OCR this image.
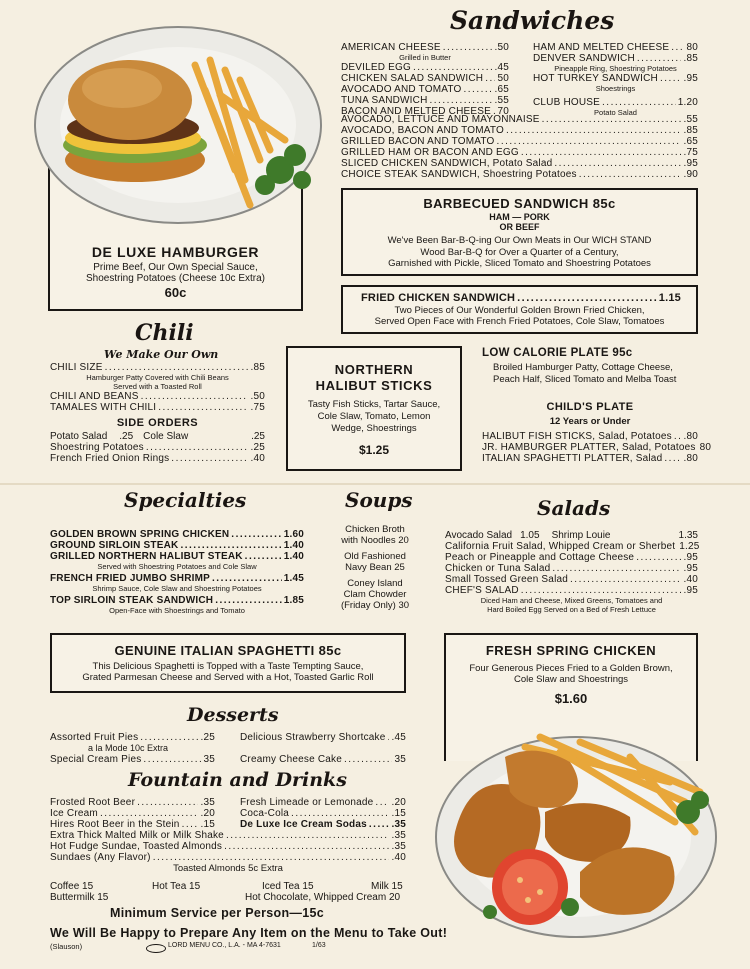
DE LUXE HAMBURGER
Prime Beef, Our Own Special Sauce,
Shoestring Potatoes (Cheese 10c Extra)
60c
Sandwiches
AMERICAN CHEESE .....	.50
Grilled in Butter
DEVILED EGG .....	.45
CHICKEN SALAD SANDWICH ..... 50
AVOCADO AND TOMATO .....	.65
TUNA SANDWICH .....	.55
BACON AND MELTED CHEESE ..... 70
HAM AND MELTED CHEESE ..... 80
DENVER SANDWICH .....	.85
Pineapple Ring, Shoestring Potatoes
HOT TURKEY SANDWICH .....	.95
Shoestrings
CLUB HOUSE .....	1.20
Potato Salad
AVOCADO, LETTUCE AND MAYONNAISE .....	.55
AVOCADO, BACON AND TOMATO .....	.85
GRILLED BACON AND TOMATO .....	.65
GRILLED HAM OR BACON AND EGG .....	.75
SLICED CHICKEN SANDWICH, Potato Salad .....	.95
CHOICE STEAK SANDWICH, Shoestring Potatoes .....	.90
BARBECUED SANDWICH 85c
HAM — PORK
OR BEEF
We've Been Bar-B-Q-ing Our Own Meats in Our WICH STAND
Wood Bar-B-Q for Over a Quarter of a Century,
Garnished with Pickle, Sliced Tomato and Shoestring Potatoes
FRIED CHICKEN SANDWICH .....	1.15
Two Pieces of Our Wonderful Golden Brown Fried Chicken,
Served Open Face with French Fried Potatoes, Cole Slaw, Tomatoes
Chili
We Make Our Own
CHILI SIZE .....	.85
Hamburger Patty Covered with Chili Beans
Served with a Toasted Roll
CHILI AND BEANS .....	.50
TAMALES WITH CHILI .....	.75
SIDE ORDERS
Potato Salad .25 Cole Slaw	.25
Shoestring Potatoes .....	.25
French Fried Onion Rings .....	.40
NORTHERN
HALIBUT STICKS
Tasty Fish Sticks, Tartar Sauce,
Cole Slaw, Tomato, Lemon
Wedge, Shoestrings
$1.25
LOW CALORIE PLATE 95c
Broiled Hamburger Patty, Cottage Cheese,
Peach Half, Sliced Tomato and Melba Toast
CHILD'S PLATE
12 Years or Under
HALIBUT FISH STICKS, Salad, Potatoes ..... .80
JR. HAMBURGER PLATTER, Salad, Potatoes 80
ITALIAN SPAGHETTI PLATTER, Salad ..... .80
Specialties
GOLDEN BROWN SPRING CHICKEN .....	1.60
GROUND SIRLOIN STEAK .....	1.40
GRILLED NORTHERN HALIBUT STEAK .....	1.40
Served with Shoestring Potatoes and Cole Slaw
FRENCH FRIED JUMBO SHRIMP .....	1.45
Shrimp Sauce, Cole Slaw and Shoestring Potatoes
TOP SIRLOIN STEAK SANDWICH .....	1.85
Open-Face with Shoestrings and Tomato
Soups
Chicken Broth
with Noodles 20
Old Fashioned
Navy Bean 25
Coney Island
Clam Chowder
(Friday Only) 30
Salads
Avocado Salad 1.05 Shrimp Louie	1.35
California Fruit Salad, Whipped Cream or Sherbet 1.25
Peach or Pineapple and Cottage Cheese .....	.95
Chicken or Tuna Salad .....	.95
Small Tossed Green Salad .....	.40
CHEF'S SALAD .....	.95
Diced Ham and Cheese, Mixed Greens, Tomatoes and
Hard Boiled Egg Served on a Bed of Fresh Lettuce
GENUINE ITALIAN SPAGHETTI 85c
This Delicious Spaghetti is Topped with a Taste Tempting Sauce,
Grated Parmesan Cheese and Served with a Hot, Toasted Garlic Roll
FRESH SPRING CHICKEN
Four Generous Pieces Fried to a Golden Brown,
Cole Slaw and Shoestrings
$1.60
Desserts
Assorted Fruit Pies .....	.25
a la Mode 10c Extra
Special Cream Pies .....	35
Delicious Strawberry Shortcake ..... .45
Creamy Cheese Cake .....	35
Fountain and Drinks
Frosted Root Beer .....	.35
Ice Cream .....	.20
Hires Root Beer in the Stein ..... .15
Fresh Limeade or Lemonade ..... .20
Coca-Cola .....	.15
De Luxe Ice Cream Sodas ..... .35
Extra Thick Malted Milk or Milk Shake .....	.35
Hot Fudge Sundae, Toasted Almonds .....	.35
Sundaes (Any Flavor) .....	.40
Toasted Almonds 5c Extra
Coffee 15	Hot Tea 15	Iced Tea 15	Milk 15
Buttermilk 15	Hot Chocolate, Whipped Cream 20
Minimum Service per Person—15c
We Will Be Happy to Prepare Any Item on the Menu to Take Out!
(Slauson)	LORD MENU CO., L.A. - MA 4-7631	1/63
